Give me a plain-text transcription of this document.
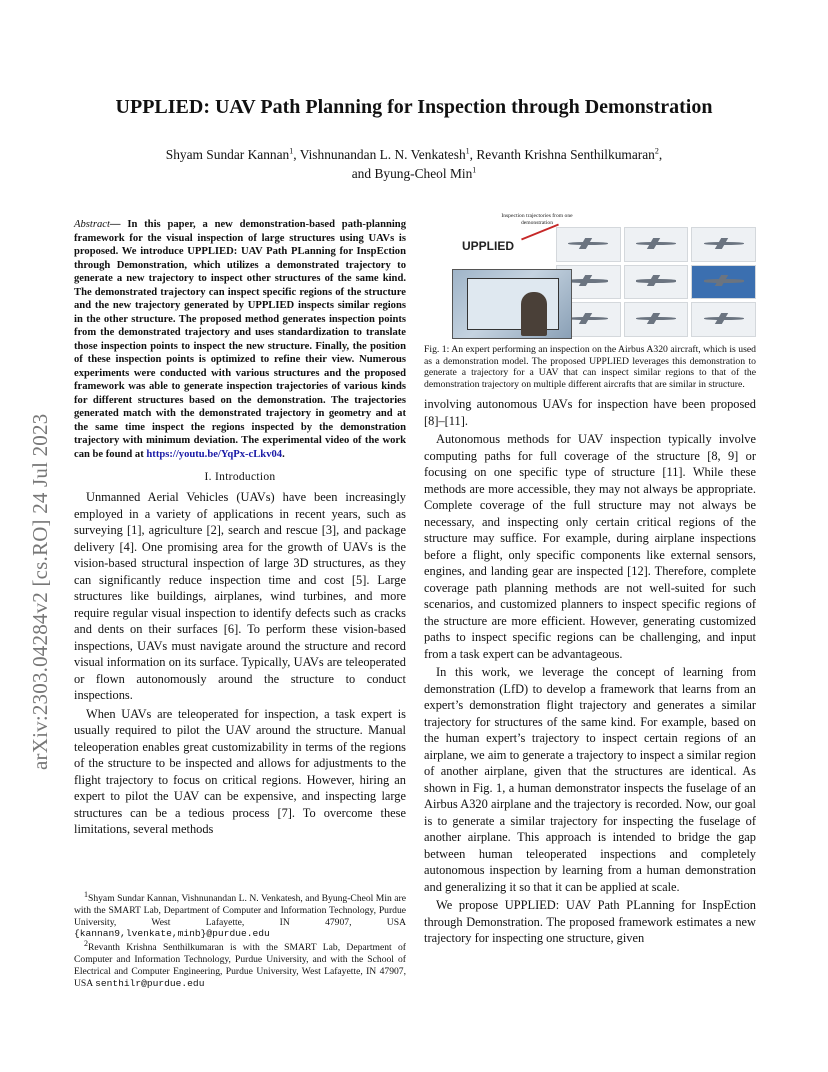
UPPLIED: UAV Path Planning for Inspection through Demonstration
Shyam Sundar Kannan$^1$, Vishnunandan L. N. Venkatesh$^1$, Revanth Krishna Senthilkumaran$^2$,
and Byung-Cheol Min$^1$
arXiv:2303.04284v2 [cs.RO] 24 Jul 2023

Abstract— In this paper, a new demonstration-based path-planning framework for the visual inspection of large structures using UAVs is proposed. We introduce UPPLIED: UAV Path PLanning for InspEction through Demonstration, which utilizes a demonstrated trajectory to generate a new trajectory to inspect other structures of the same kind. The demonstrated trajectory can inspect specific regions of the structure and the new trajectory generated by UPPLIED inspects similar regions in the other structure. The proposed method generates inspection points from the demonstrated trajectory and uses standardization to translate those inspection points to inspect the new structure. Finally, the position of these inspection points is optimized to refine their view. Numerous experiments were conducted with various structures and the proposed framework was able to generate inspection trajectories of various kinds for different structures based on the demonstration. The trajectories generated match with the demonstrated trajectory in geometry and at the same time inspect the regions inspected by the demonstration trajectory with minimum deviation. The experimental video of the work can be found at https://youtu.be/YqPx-cLkv04.

I. Introduction

Unmanned Aerial Vehicles (UAVs) have been increasingly employed in a variety of applications in recent years, such as surveying [1], agriculture [2], search and rescue [3], and package delivery [4]. One promising area for the growth of UAVs is the vision-based structural inspection of large 3D structures, as they can significantly reduce inspection time and cost [5]. Large structures like buildings, airplanes, wind turbines, and more require regular visual inspection to identify defects such as cracks and dents on their surfaces [6]. To perform these vision-based inspections, UAVs must navigate around the structure and record visual information on its surface. Typically, UAVs are teleoperated or flown autonomously around the structure to conduct inspections.

When UAVs are teleoperated for inspection, a task expert is usually required to pilot the UAV around the structure. Manual teleoperation enables great customizability in terms of the regions of the structure to be inspected and allows for adjustments to the flight trajectory to focus on critical regions. However, hiring an expert to pilot the UAV can be expensive, and inspecting large structures can be a tedious process [7]. To overcome these limitations, several methods

$^1$Shyam Sundar Kannan, Vishnunandan L. N. Venkatesh, and Byung-Cheol Min are with the SMART Lab, Department of Computer and Information Technology, Purdue University, West Lafayette, IN 47907, USA {kannan9,lvenkate,minb}@purdue.edu

$^2$Revanth Krishna Senthilkumaran is with the SMART Lab, Department of Computer and Information Technology, Purdue University, and with the School of Electrical and Computer Engineering, Purdue University, West Lafayette, IN 47907, USA senthilr@purdue.edu

Inspection trajectories from one demonstration
UPPLIED

Fig. 1: An expert performing an inspection on the Airbus A320 aircraft, which is used as a demonstration model. The proposed UPPLIED leverages this demonstration to generate a trajectory for a UAV that can inspect similar regions to that of the demonstration trajectory on multiple different aircrafts that are similar in structure.

involving autonomous UAVs for inspection have been proposed [8]–[11].

Autonomous methods for UAV inspection typically involve computing paths for full coverage of the structure [8, 9] or focusing on one specific type of structure [11]. While these methods are more accessible, they may not always be appropriate. Complete coverage of the full structure may not always be necessary, and inspecting only certain critical regions of the structure may suffice. For example, during airplane inspections before a flight, only specific components like external sensors, engines, and landing gear are inspected [12]. Therefore, complete coverage path planning methods are not well-suited for such scenarios, and customized planners to inspect specific regions of the structure are more efficient. However, generating customized paths to inspect specific regions can be challenging, and input from a task expert can be advantageous.

In this work, we leverage the concept of learning from demonstration (LfD) to develop a framework that learns from an expert’s demonstration flight trajectory and generates a similar trajectory for structures of the same kind. For example, based on the human expert’s trajectory to inspect certain regions of an airplane, we aim to generate a trajectory to inspect a similar region of another airplane, given that the structures are identical. As shown in Fig. 1, a human demonstrator inspects the fuselage of an Airbus A320 airplane and the trajectory is recorded. Now, our goal is to generate a similar trajectory for inspecting the fuselage of another airplane. This approach is intended to bridge the gap between human teleoperated inspections and completely autonomous inspection by learning from a human demonstration and generalizing it so that it can be applied at scale.

We propose UPPLIED: UAV Path PLanning for InspEction through Demonstration. The proposed framework estimates a new trajectory for inspecting one structure, given
